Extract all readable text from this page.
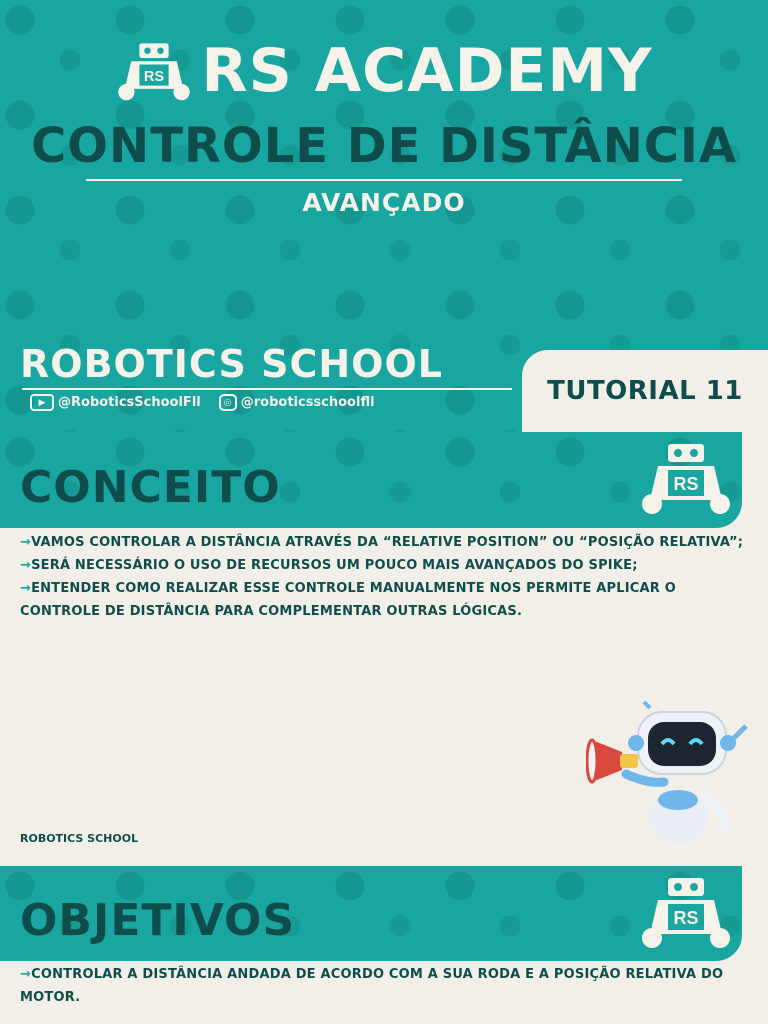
RS RS ACADEMY
CONTROLE DE DISTÂNCIA
AVANÇADO
ROBOTICS SCHOOL
▶ @RoboticsSchoolFll	◎ @roboticsschoolfll	TUTORIAL 11
CONCEITO	RS
→VAMOS CONTROLAR A DISTÂNCIA ATRAVÉS DA “RELATIVE POSITION” OU “POSIÇÃO RELATIVA”;
→SERÁ NECESSÁRIO O USO DE RECURSOS UM POUCO MAIS AVANÇADOS DO SPIKE;
→ENTENDER COMO REALIZAR ESSE CONTROLE MANUALMENTE NOS PERMITE APLICAR O CONTROLE DE DISTÂNCIA PARA COMPLEMENTAR OUTRAS LÓGICAS.
ROBOTICS SCHOOL
OBJETIVOS	RS
→CONTROLAR A DISTÂNCIA ANDADA DE ACORDO COM A SUA RODA E A POSIÇÃO RELATIVA DO MOTOR.
